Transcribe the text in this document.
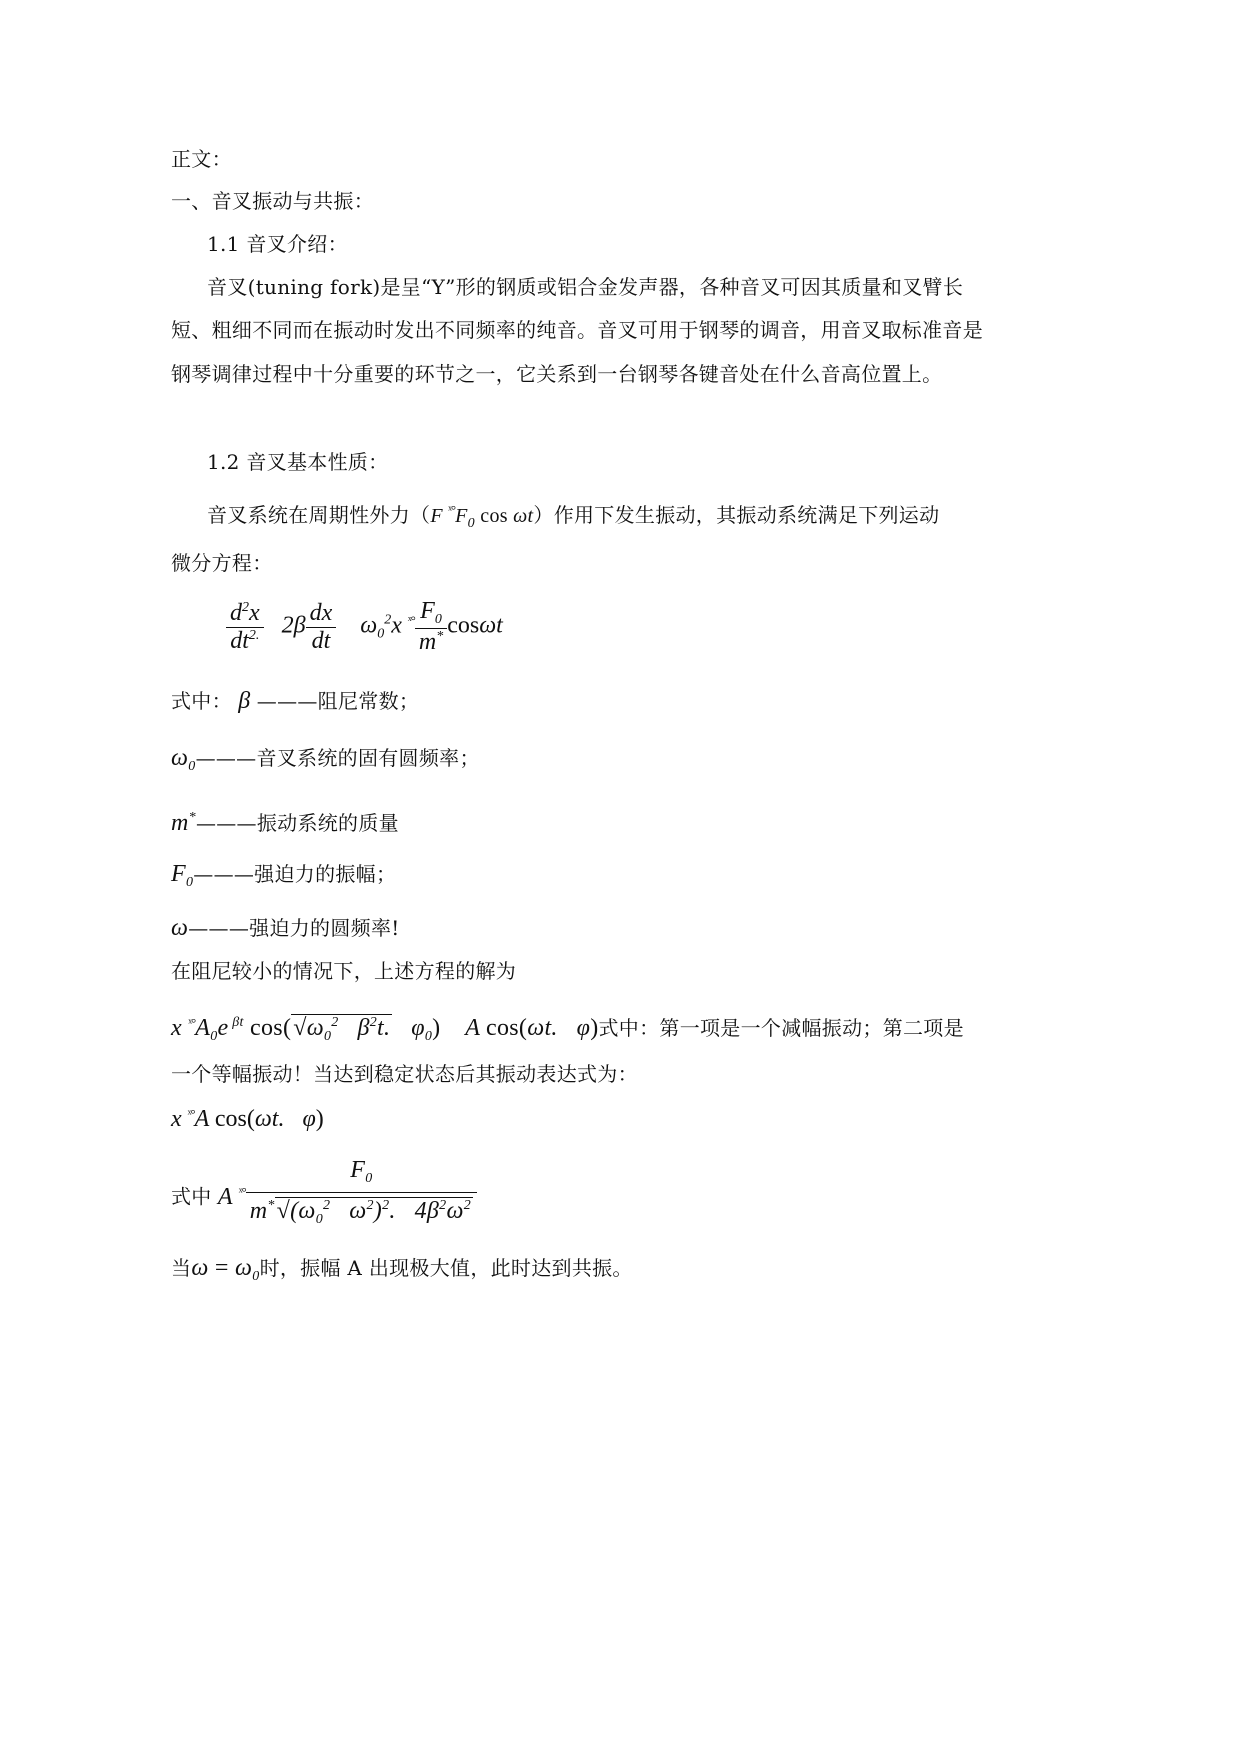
正文：
一、音叉振动与共振：
1.1 音叉介绍：
音叉(tuning fork)是呈“Y”形的钢质或铝合金发声器，各种音叉可因其质量和叉臂长
短、粗细不同而在振动时发出不同频率的纯音。音叉可用于钢琴的调音，用音叉取标准音是
钢琴调律过程中十分重要的环节之一，它关系到一台钢琴各键音处在什么音高位置上。
1.2 音叉基本性质：
音叉系统在周期性外力（F $^{ˣ^\circ}F_0$ cos ωt）作用下发生振动，其振动系统满足下列运动
微分方程：
$\frac{d^2x}{dt^{2.}} 2\beta \frac{dx}{dt} \omega_0^2x$ $^{ˣ^\circ} \frac{F_0}{m^*}$ cosωt
式中： β ———阻尼常数；
$\omega_0———$音叉系统的固有圆频率；
m*———振动系统的质量
$F_0———$强迫力的振幅；
ω———强迫力的圆频率!
在阻尼较小的情况下，上述方程的解为
x $^{ˣ^\circ}A_0e$ $^{\beta t}$ $\cos(√\omega_0^2$   $\beta^2t$.   $\varphi_0$)    A cos(ωt.   φ)式中：第一项是一个减幅振动；第二项是
一个等幅振动！当达到稳定状态后其振动表达式为：
x $^{ˣ^\circ}$A cos(ωt.   φ)
式中 A $^{ˣ^\circ} \frac{F_0}{m^*√(\omega_0^2 \omega^2)^2. 4\beta^2\omega^2}$
当$\omega = \omega_0$时，振幅 A 出现极大值，此时达到共振。
